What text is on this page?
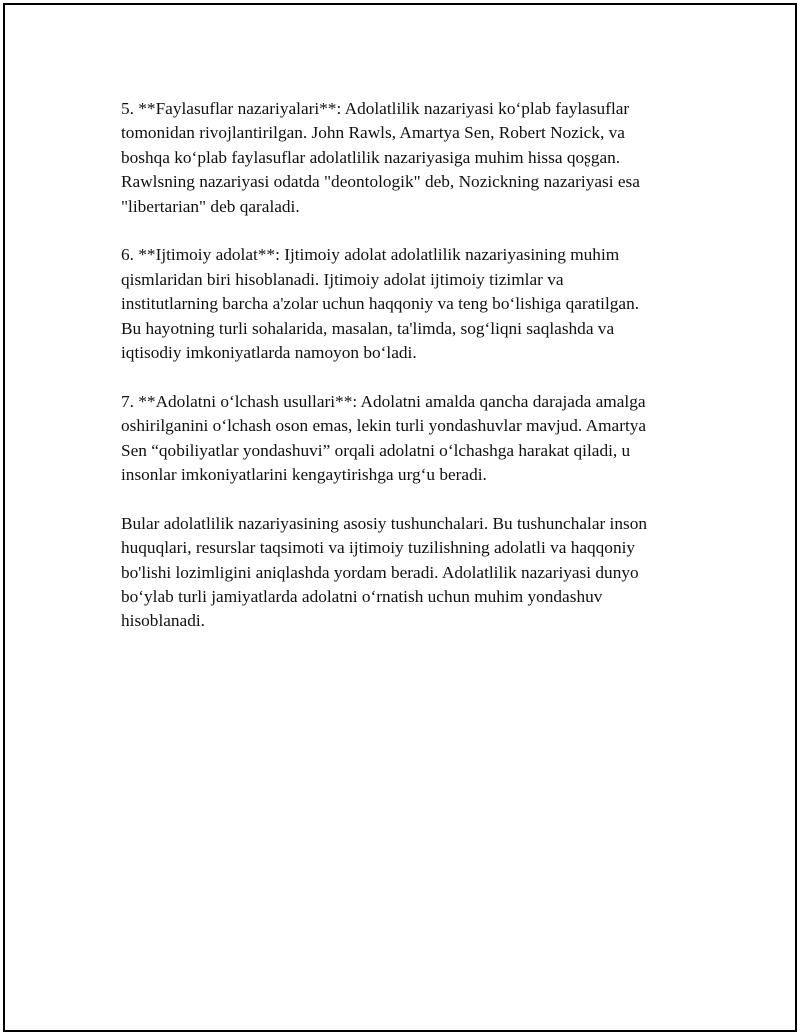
5. **Faylasuflar nazariyalari**: Adolatlilik nazariyasi koʻplab faylasuflar
tomonidan rivojlantirilgan. John Rawls, Amartya Sen, Robert Nozick, va
boshqa koʻplab faylasuflar adolatlilik nazariyasiga muhim hissa qoʂgan.
Rawlsning nazariyasi odatda "deontologik" deb, Nozickning nazariyasi esa
"libertarian" deb qaraladi.

6. **Ijtimoiy adolat**: Ijtimoiy adolat adolatlilik nazariyasining muhim
qismlaridan biri hisoblanadi. Ijtimoiy adolat ijtimoiy tizimlar va
institutlarning barcha a'zolar uchun haqqoniy va teng boʻlishiga qaratilgan.
Bu hayotning turli sohalarida, masalan, ta'limda, sogʻliqni saqlashda va
iqtisodiy imkoniyatlarda namoyon boʻladi.

7. **Adolatni oʻlchash usullari**: Adolatni amalda qancha darajada amalga
oshirilganini oʻlchash oson emas, lekin turli yondashuvlar mavjud. Amartya
Sen “qobiliyatlar yondashuvi” orqali adolatni oʻlchashga harakat qiladi, u
insonlar imkoniyatlarini kengaytirishga urgʻu beradi.

Bular adolatlilik nazariyasining asosiy tushunchalari. Bu tushunchalar inson
huquqlari, resurslar taqsimoti va ijtimoiy tuzilishning adolatli va haqqoniy
bo'lishi lozimligini aniqlashda yordam beradi. Adolatlilik nazariyasi dunyo
boʻylab turli jamiyatlarda adolatni oʻrnatish uchun muhim yondashuv
hisoblanadi.
